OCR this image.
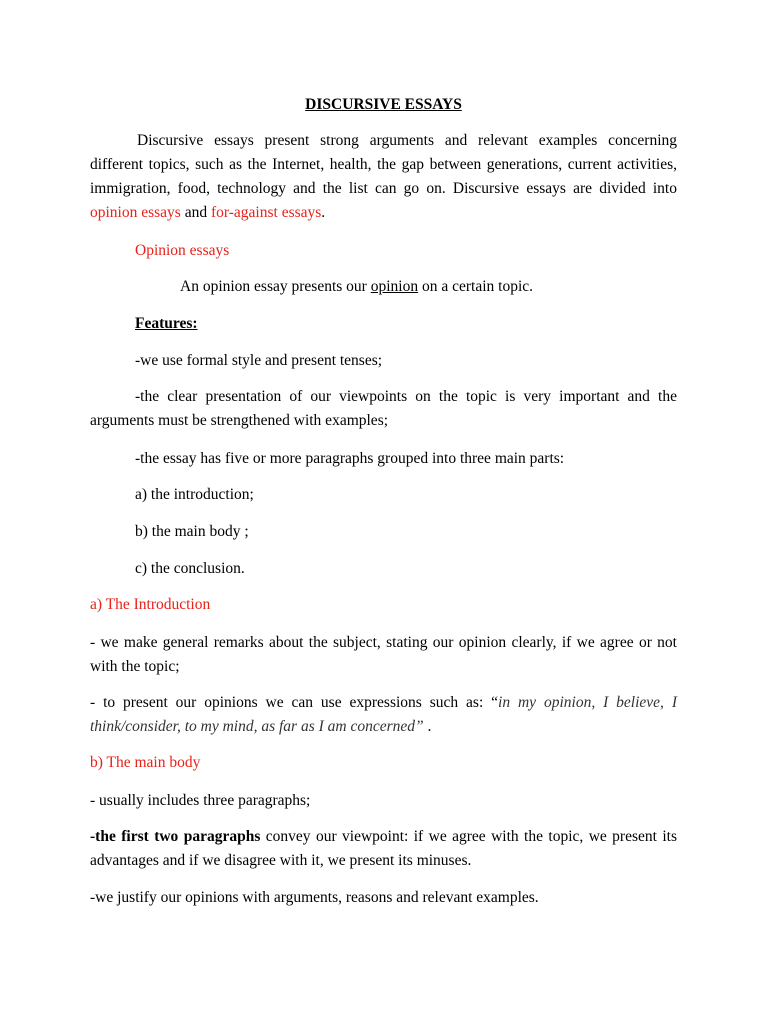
DISCURSIVE ESSAYS
Discursive essays present strong arguments and relevant examples concerning different topics, such as the Internet, health, the gap between generations, current activities, immigration, food, technology and the list can go on. Discursive essays are divided into opinion essays and for-against essays.
Opinion essays
An opinion essay presents our opinion on a certain topic.
Features:
-we use formal style and present tenses;
-the clear presentation of our viewpoints on the topic is very important and the arguments must be strengthened with examples;
-the essay has five or more paragraphs grouped into three main parts:
a) the introduction;
b) the main body ;
c) the conclusion.
a) The Introduction
- we make general remarks about the subject, stating our opinion clearly, if we agree or not with the topic;
- to present our opinions we can use expressions such as: “in my opinion, I believe, I think/consider, to my mind, as far as I am concerned” .
b) The main body
- usually includes three paragraphs;
-the first two paragraphs convey our viewpoint: if we agree with the topic, we present its advantages and if we disagree with it, we present its minuses.
-we justify our opinions with arguments, reasons and relevant examples.
